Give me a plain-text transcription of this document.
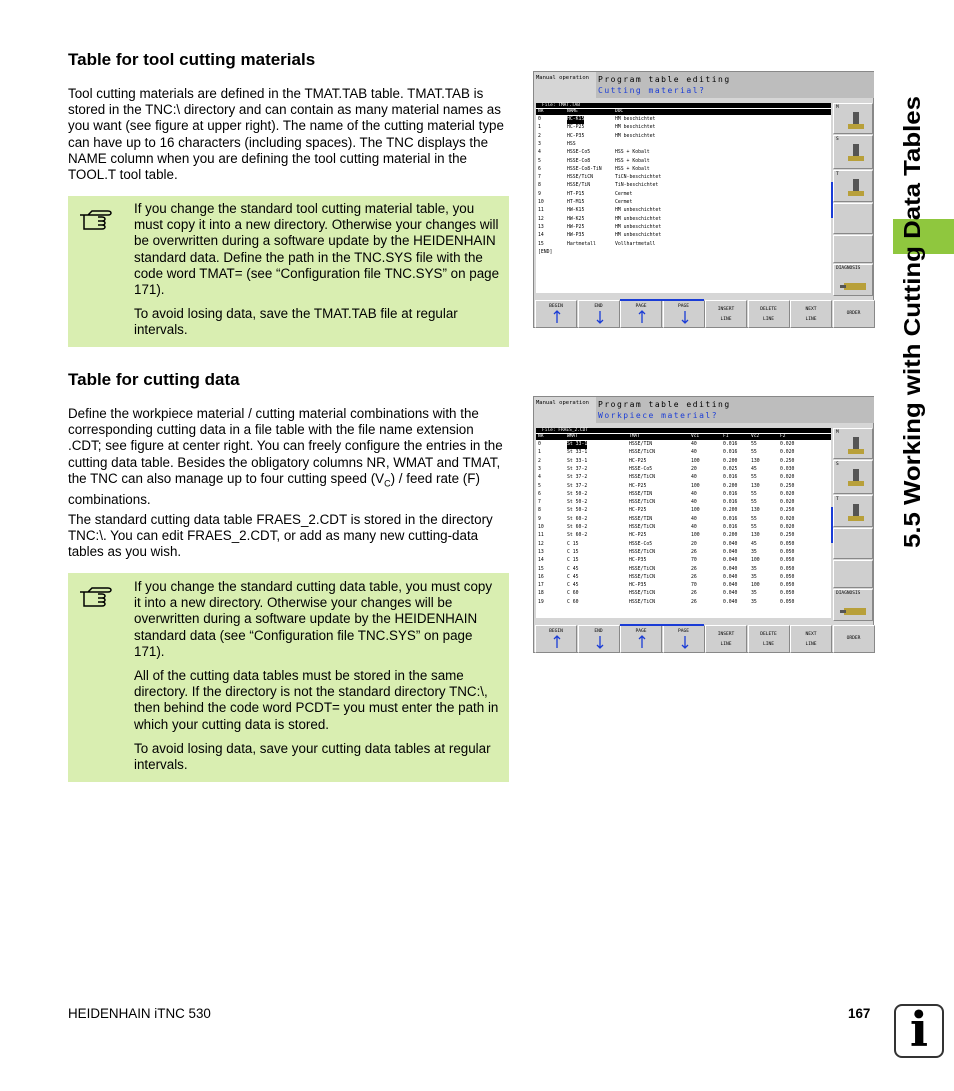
Table for tool cutting materials

Tool cutting materials are defined in the TMAT.TAB table. TMAT.TAB is stored in the TNC:\ directory and can contain as many material names as you want (see figure at upper right). The name of the cutting material type can have up to 16 characters (including spaces). The TNC displays the NAME column when you are defining the tool cutting material in the TOOL.T tool table.

If you change the standard tool cutting material table, you must copy it into a new directory. Otherwise your changes will be overwritten during a software update by the HEIDENHAIN standard data. Define the path in the TNC.SYS file with the code word TMAT= (see “Configuration file TNC.SYS” on page 171).

To avoid losing data, save the TMAT.TAB file at regular intervals.

Table for cutting data

Define the workpiece material / cutting material combinations with the corresponding cutting data in a file table with the file name extension .CDT; see figure at center right. You can freely configure the entries in the cutting data table. Besides the obligatory columns NR, WMAT and TMAT, the TNC can also manage up to four cutting speed $(V_C)$ / feed rate (F) combinations.

The standard cutting data table FRAES_2.CDT is stored in the directory TNC:\. You can edit FRAES_2.CDT, or add as many new cutting-data tables as you wish.

If you change the standard cutting data table, you must copy it into a new directory. Otherwise your changes will be overwritten during a software update by the HEIDENHAIN standard data (see “Configuration file TNC.SYS” on page 171).

All of the cutting data tables must be stored in the same directory. If the directory is not the standard directory TNC:\, then behind the code word PCDT= you must enter the path in which your cutting data is stored.

To avoid losing data, save your cutting data tables at regular intervals.

Manual operation	Program table editing
Cutting material?
File: TMAT.TAB
NR	NAME	DOC
0	HC-K15	HM beschichtet
1	HC-P25	HM beschichtet
2	HC-P35	HM beschichtet
3	HSS
4	HSSE-Co5	HSS + Kobalt
5	HSSE-Co8	HSS + Kobalt
6	HSSE-Co8-TiN	HSS + Kobalt
7	HSSE/TiCN	TiCN-beschichtet
8	HSSE/TiN	TiN-beschichtet
9	HT-P15	Cermet
10	HT-M15	Cermet
11	HW-K15	HM unbeschichtet
12	HW-K25	HM unbeschichtet
13	HW-P25	HM unbeschichtet
14	HW-P35	HM unbeschichtet
15	Hartmetall	Vollhartmetall
[END]
M
S
T
DIAGNOSIS
BEGIN	END	PAGE	PAGE
INSERT
LINE
DELETE
LINE
NEXT
LINE
ORDER
Manual operation	Program table editing
Workpiece material?
File: FRAES_2.CDT
NR	WMAT	TMAT	Vc1	F1	Vc2	F2
0	St 33-1	HSSE/TIN	40	0.016	55	0.020
1	St 33-1	HSSE/TiCN	40	0.016	55	0.020
2	St 33-1	HC-P25	100	0.200	130	0.250
3	St 37-2	HSSE-Co5	20	0.025	45	0.030
4	St 37-2	HSSE/TiCN	40	0.016	55	0.020
5	St 37-2	HC-P25	100	0.200	130	0.250
6	St 50-2	HSSE/TIN	40	0.016	55	0.020
7	St 50-2	HSSE/TiCN	40	0.016	55	0.020
8	St 50-2	HC-P25	100	0.200	130	0.250
9	St 60-2	HSSE/TIN	40	0.016	55	0.020
10	St 60-2	HSSE/TiCN	40	0.016	55	0.020
11	St 60-2	HC-P25	100	0.200	130	0.250
12	C 15	HSSE-Co5	20	0.040	45	0.050
13	C 15	HSSE/TiCN	26	0.040	35	0.050
14	C 15	HC-P35	70	0.040	100	0.050
15	C 45	HSSE/TiCN	26	0.040	35	0.050
16	C 45	HSSE/TiCN	26	0.040	35	0.050
17	C 45	HC-P35	70	0.040	100	0.050
18	C 60	HSSE/TiCN	26	0.040	35	0.050
19	C 60	HSSE/TiCN	26	0.040	35	0.050
M
S
T
DIAGNOSIS
BEGIN	END	PAGE	PAGE
INSERT
LINE
DELETE
LINE
NEXT
LINE
ORDER
5.5 Working with Cutting Data Tables
HEIDENHAIN iTNC 530	167 i
